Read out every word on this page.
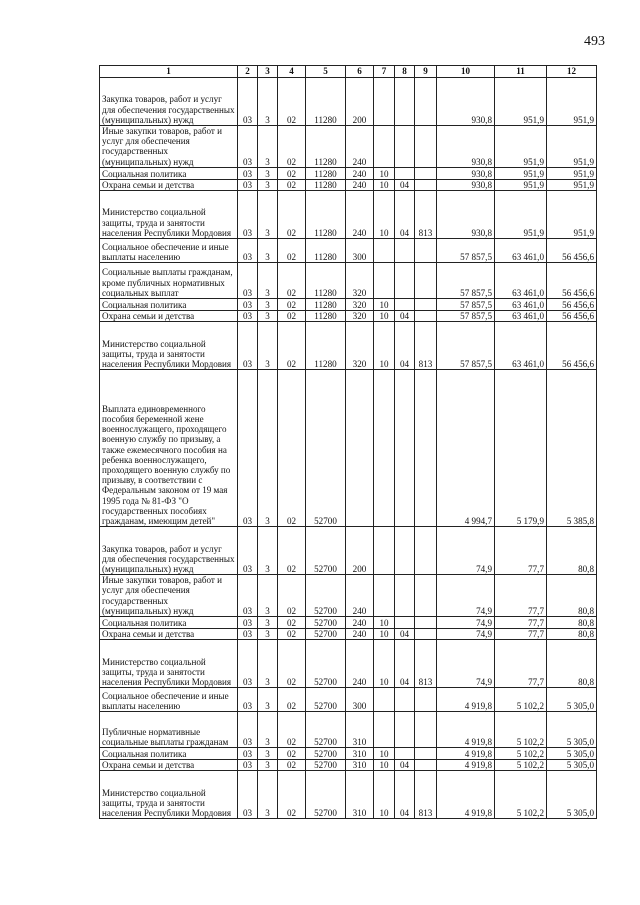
493
1	2	3	4	5	6	7	8	9	10	11	12
Закупка товаров, работ и услуг для обеспечения государственных (муниципальных) нужд	03	3	02	11280	200				930,8	951,9	951,9
Иные закупки товаров, работ и услуг для обеспечения государственных (муниципальных) нужд	03	3	02	11280	240				930,8	951,9	951,9
Социальная политика	03	3	02	11280	240	10			930,8	951,9	951,9
Охрана семьи и детства	03	3	02	11280	240	10	04		930,8	951,9	951,9
Министерство социальной защиты, труда и занятости населения Республики Мордовия	03	3	02	11280	240	10	04	813	930,8	951,9	951,9
Социальное обеспечение и иные выплаты населению	03	3	02	11280	300				57 857,5	63 461,0	56 456,6
Социальные выплаты гражданам, кроме публичных нормативных социальных выплат	03	3	02	11280	320				57 857,5	63 461,0	56 456,6
Социальная политика	03	3	02	11280	320	10			57 857,5	63 461,0	56 456,6
Охрана семьи и детства	03	3	02	11280	320	10	04		57 857,5	63 461,0	56 456,6
Министерство социальной защиты, труда и занятости населения Республики Мордовия	03	3	02	11280	320	10	04	813	57 857,5	63 461,0	56 456,6
Выплата единовременного пособия беременной жене военнослужащего, проходящего военную службу по призыву, а также ежемесячного пособия на ребенка военнослужащего, проходящего военную службу по призыву, в соответствии с Федеральным законом от 19 мая 1995 года № 81-ФЗ "О государственных пособиях гражданам, имеющим детей"	03	3	02	52700					4 994,7	5 179,9	5 385,8
Закупка товаров, работ и услуг для обеспечения государственных (муниципальных) нужд	03	3	02	52700	200				74,9	77,7	80,8
Иные закупки товаров, работ и услуг для обеспечения государственных (муниципальных) нужд	03	3	02	52700	240				74,9	77,7	80,8
Социальная политика	03	3	02	52700	240	10			74,9	77,7	80,8
Охрана семьи и детства	03	3	02	52700	240	10	04		74,9	77,7	80,8
Министерство социальной защиты, труда и занятости населения Республики Мордовия	03	3	02	52700	240	10	04	813	74,9	77,7	80,8
Социальное обеспечение и иные выплаты населению	03	3	02	52700	300				4 919,8	5 102,2	5 305,0
Публичные нормативные социальные выплаты гражданам	03	3	02	52700	310				4 919,8	5 102,2	5 305,0
Социальная политика	03	3	02	52700	310	10			4 919,8	5 102,2	5 305,0
Охрана семьи и детства	03	3	02	52700	310	10	04		4 919,8	5 102,2	5 305,0
Министерство социальной защиты, труда и занятости населения Республики Мордовия	03	3	02	52700	310	10	04	813	4 919,8	5 102,2	5 305,0
